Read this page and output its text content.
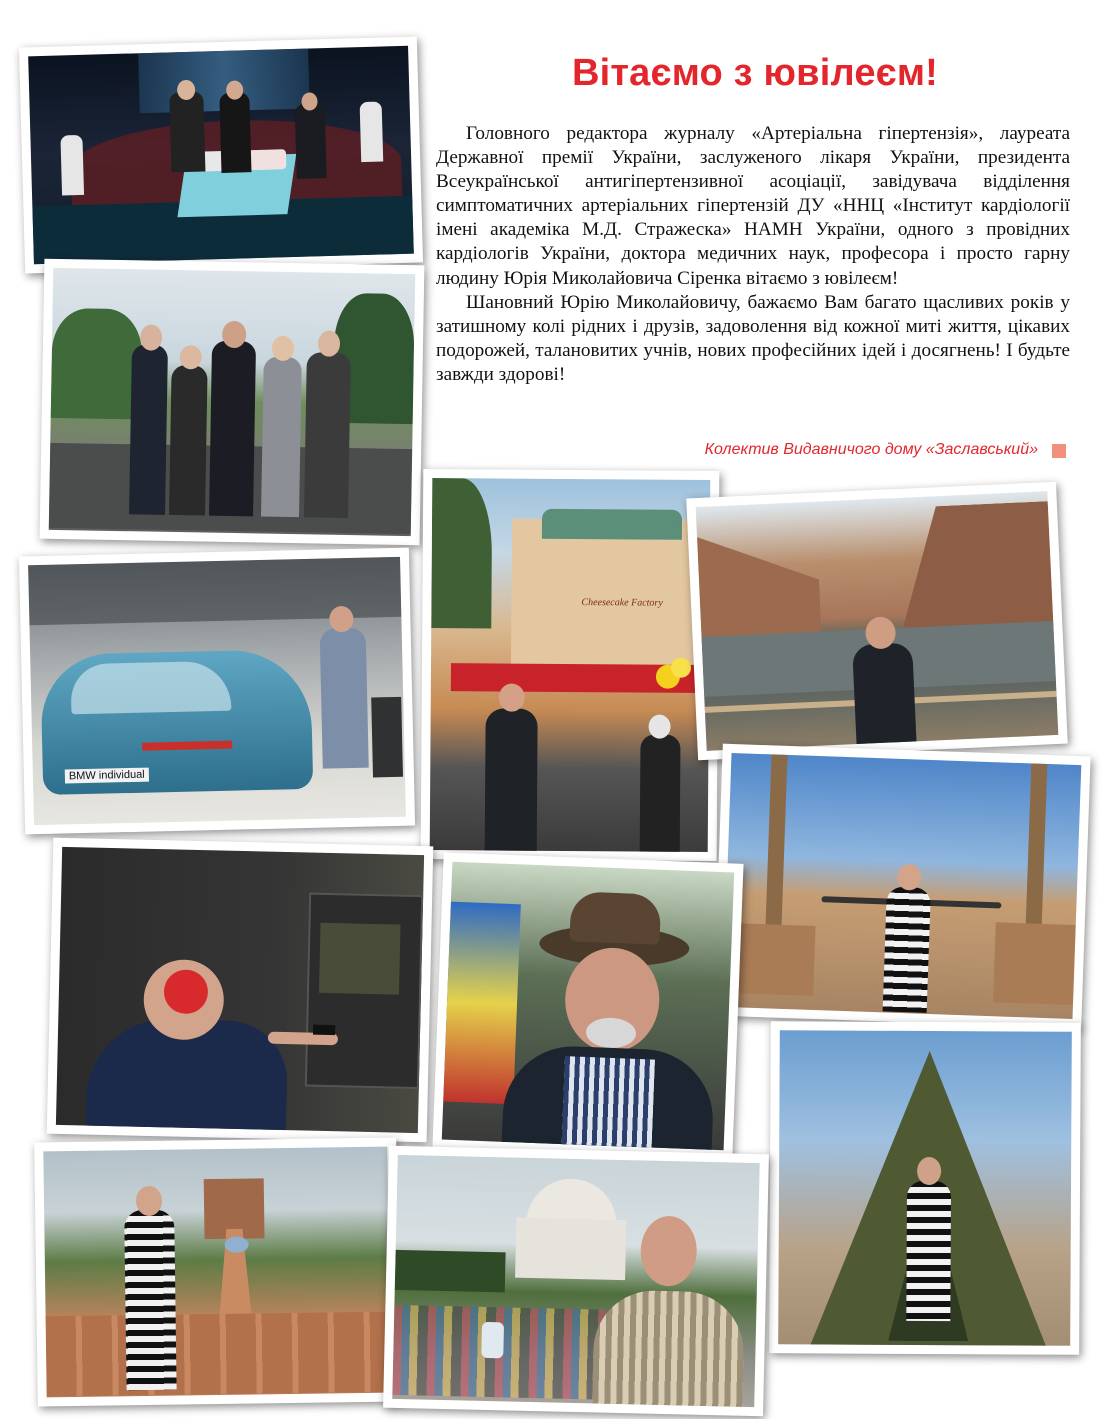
Вітаємо з ювілеєм!

Головного редактора журналу «Артеріальна гіпертензія», лауреата Державної премії України, заслуженого лікаря України, президента Всеукраїнської антигіпертензивної асоціації, завідувача відділення симптоматичних артеріальних гіпертензій ДУ «ННЦ «Інститут кардіології імені академіка М.Д. Стражеска» НАМН України, одного з провідних кардіологів України, доктора медичних наук, професора і просто гарну людину Юрія Миколайовича Сіренка вітаємо з ювілеєм!

Шановний Юрію Миколайовичу, бажаємо Вам багато щасливих років у затишному колі рідних і друзів, задоволення від кожної миті життя, цікавих подорожей, талановитих учнів, нових професійних ідей і досягнень! І будьте завжди здорові!

Колектив Видавничого дому «Заславський»
BMW individual
Cheesecake Factory
